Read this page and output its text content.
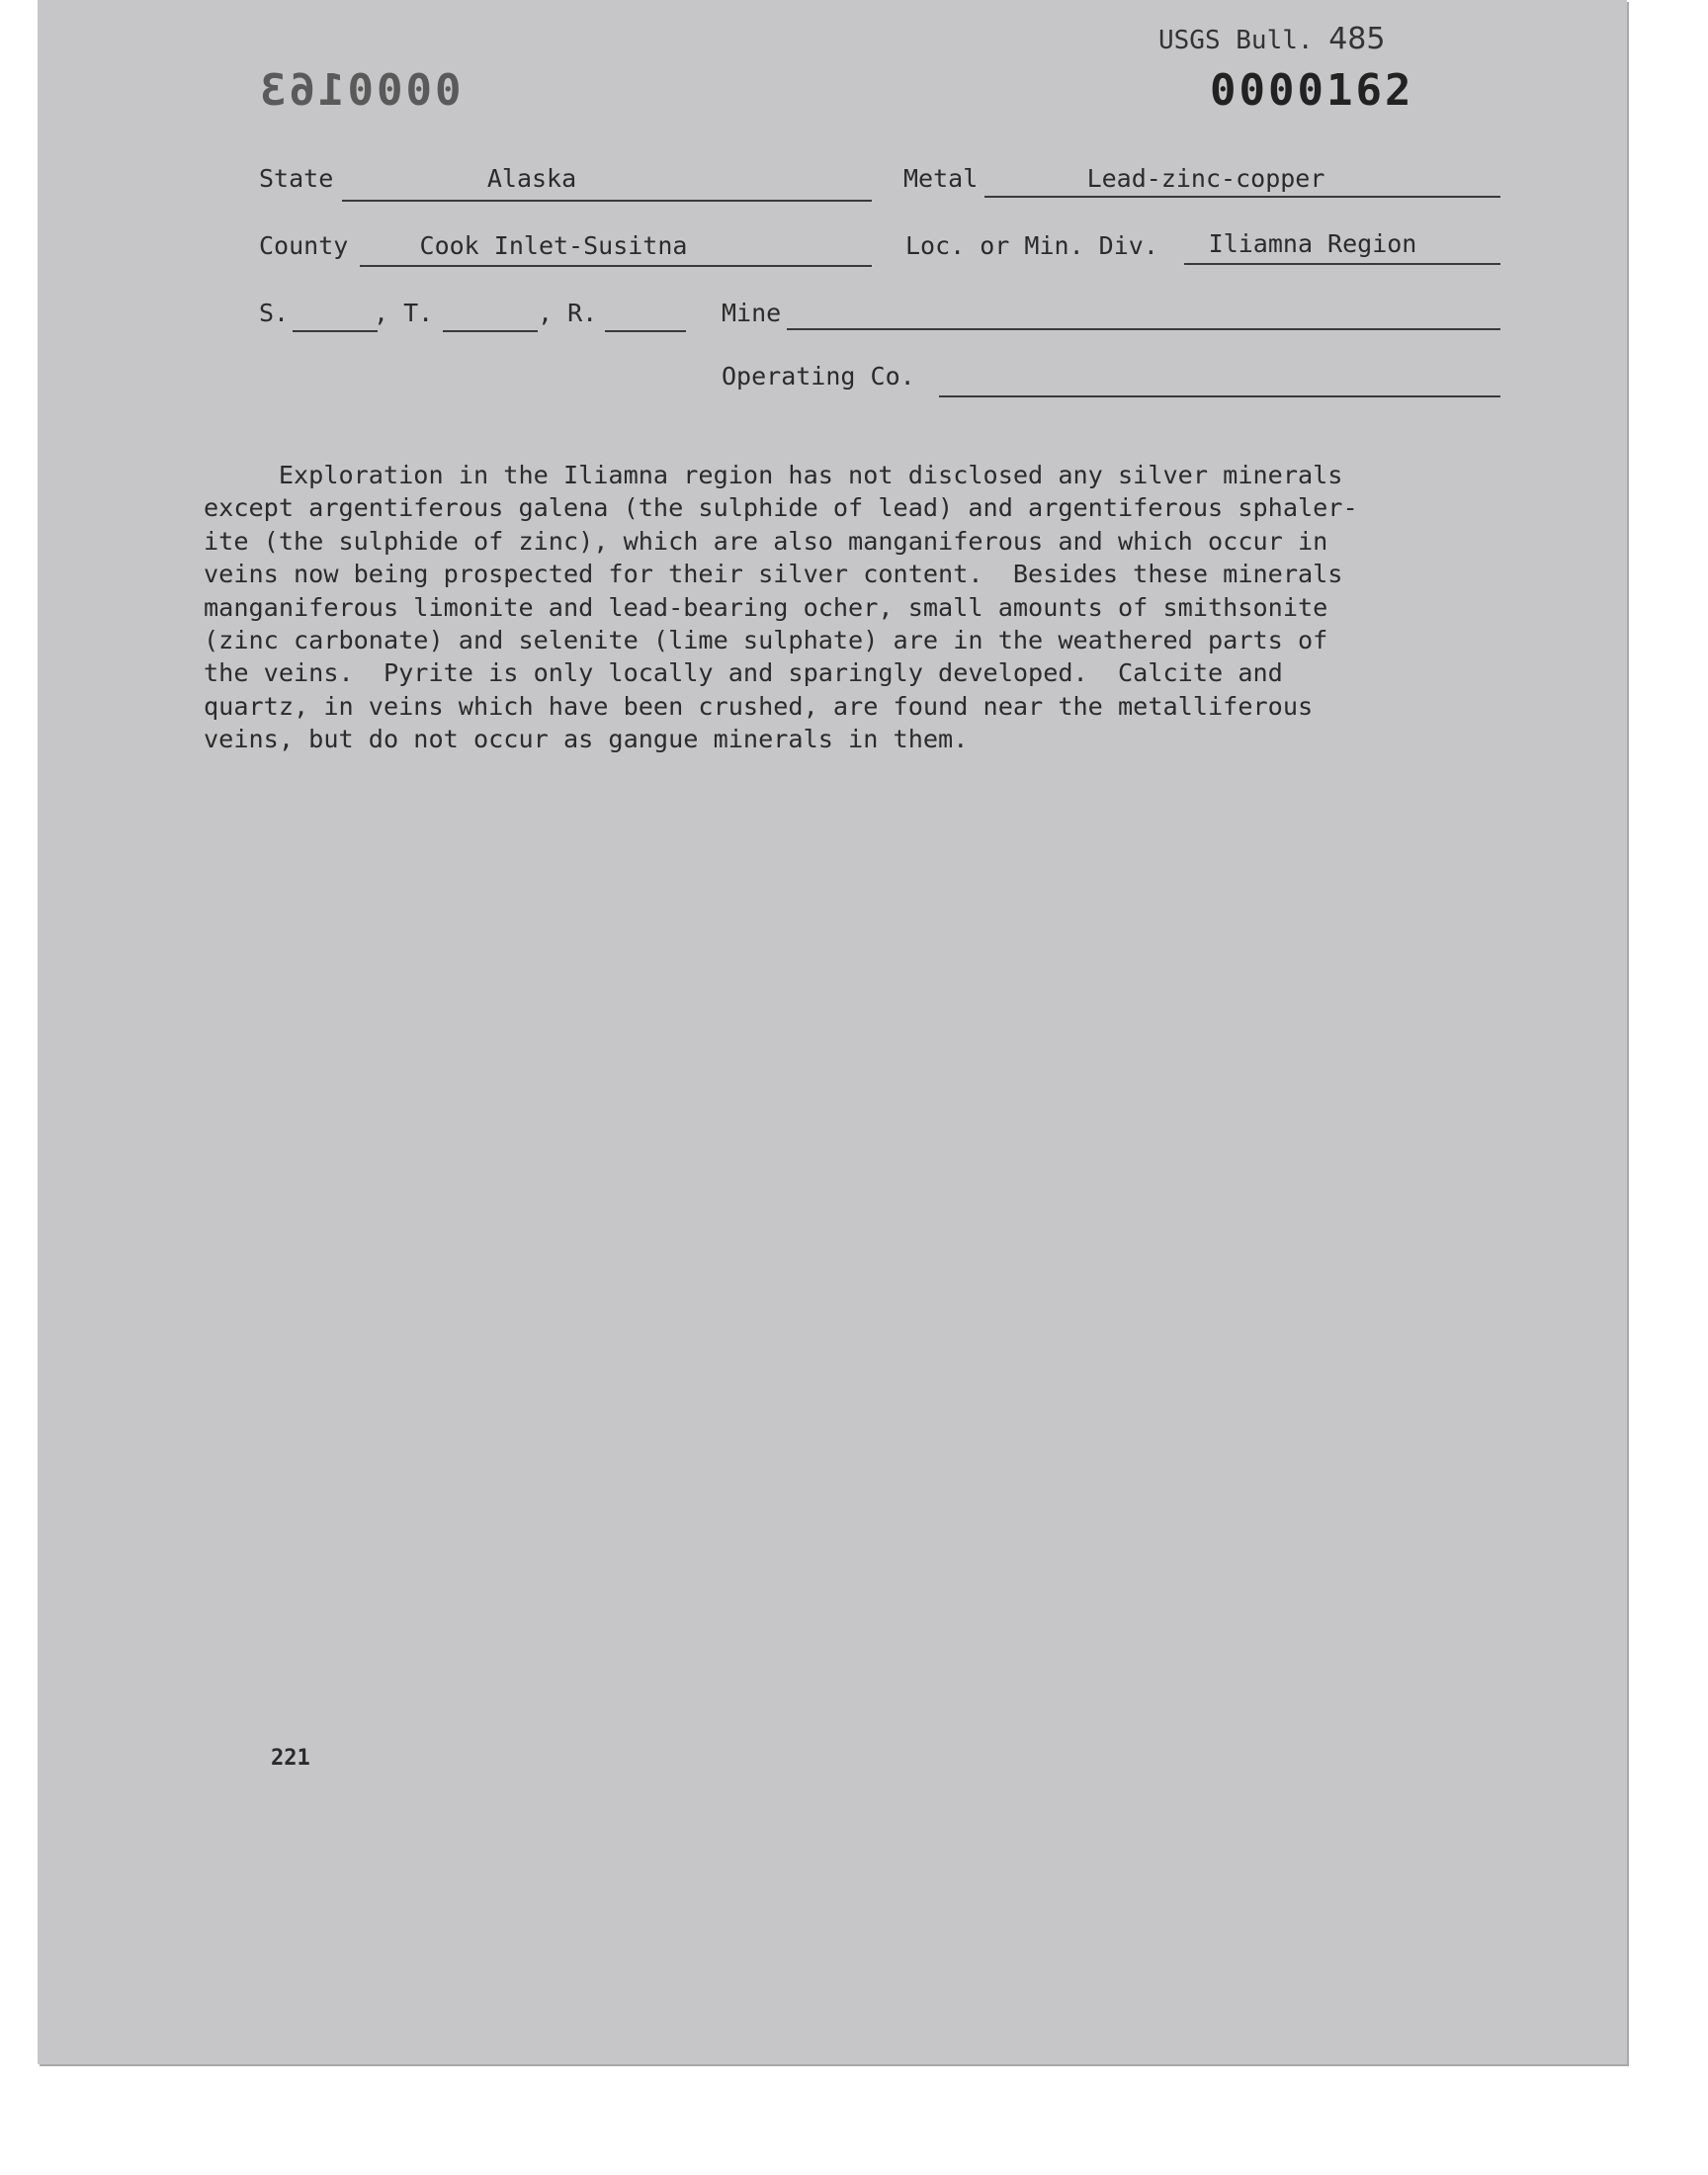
0000163
USGS Bull. 485
0000162
State	Alaska	Metal	Lead-zinc-copper
County	Cook Inlet-Susitna	Loc. or Min. Div.	Iliamna Region
S.	, T.	, R.	Mine
Operating Co.
Exploration in the Iliamna region has not disclosed any silver minerals
except argentiferous galena (the sulphide of lead) and argentiferous sphaler-
ite (the sulphide of zinc), which are also manganiferous and which occur in
veins now being prospected for their silver content.  Besides these minerals
manganiferous limonite and lead-bearing ocher, small amounts of smithsonite
(zinc carbonate) and selenite (lime sulphate) are in the weathered parts of
the veins.  Pyrite is only locally and sparingly developed.  Calcite and
quartz, in veins which have been crushed, are found near the metalliferous
veins, but do not occur as gangue minerals in them.
221
